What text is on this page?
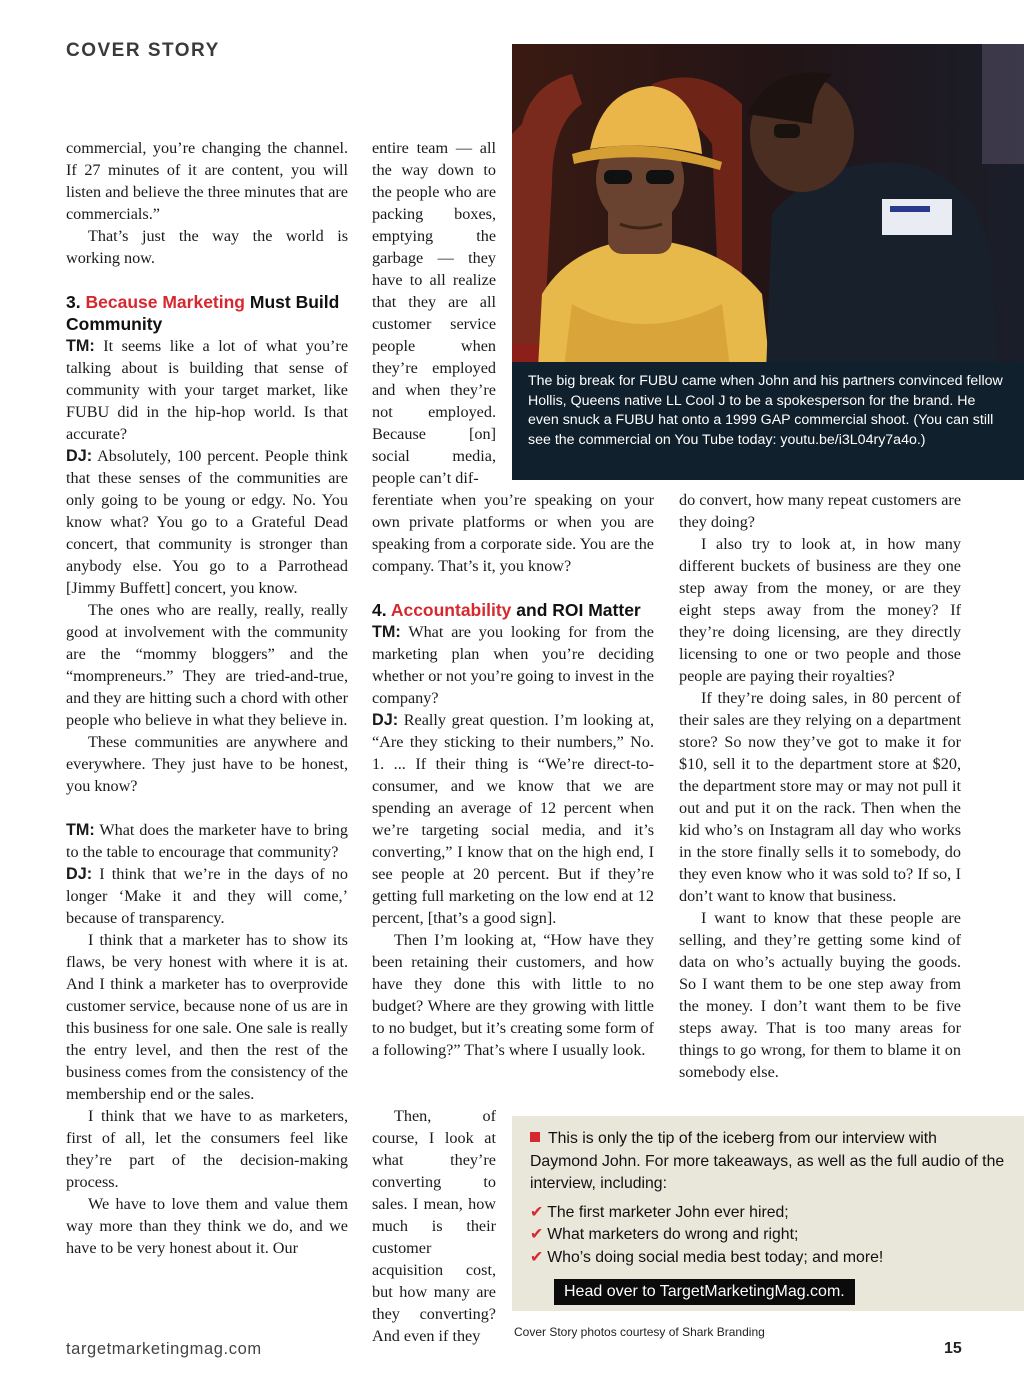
COVER STORY
The big break for FUBU came when John and his partners convinced fellow Hollis, Queens native LL Cool J to be a spokesperson for the brand. He even snuck a FUBU hat onto a 1999 GAP commercial shoot. (You can still see the commercial on You Tube today: youtu.be/i3L04ry7a4o.)

commercial, you’re changing the channel. If 27 minutes of it are content, you will listen and believe the three minutes that are commercials.”

That’s just the way the world is working now.

3. Because Marketing Must Build Community

TM: It seems like a lot of what you’re talking about is building that sense of community with your target market, like FUBU did in the hip-hop world. Is that accurate?

DJ: Absolutely, 100 percent. People think that these senses of the communities are only going to be young or edgy. No. You know what? You go to a Grateful Dead concert, that community is stronger than anybody else. You go to a Parrothead [Jimmy Buffett] concert, you know.

The ones who are really, really, really good at involvement with the community are the “mommy bloggers” and the “mompreneurs.” They are tried-and-true, and they are hitting such a chord with other people who believe in what they believe in.

These communities are anywhere and everywhere. They just have to be honest, you know?

TM: What does the marketer have to bring to the table to encourage that community?

DJ: I think that we’re in the days of no longer ‘Make it and they will come,’ because of transparency.

I think that a marketer has to show its flaws, be very honest with where it is at. And I think a marketer has to overprovide customer service, because none of us are in this business for one sale. One sale is really the entry level, and then the rest of the business comes from the consistency of the membership end or the sales.

I think that we have to as marketers, first of all, let the consumers feel like they’re part of the decision-making process.

We have to love them and value them way more than they think we do, and we have to be very honest about it. Our

entire team — all the way down to the people who are packing boxes, emptying the garbage — they have to all realize that they are all customer service people when they’re employed and when they’re not employed. Because [on] social media, people can’t dif-

ferentiate when you’re speaking on your own private platforms or when you are speaking from a corporate side. You are the company. That’s it, you know?

4. Accountability and ROI Matter

TM: What are you looking for from the marketing plan when you’re deciding whether or not you’re going to invest in the company?

DJ: Really great question. I’m looking at, “Are they sticking to their numbers,” No. 1. ... If their thing is “We’re direct-to-consumer, and we know that we are spending an average of 12 percent when we’re targeting social media, and it’s converting,” I know that on the high end, I see people at 20 percent. But if they’re getting full marketing on the low end at 12 percent, [that’s a good sign].

Then I’m looking at, “How have they been retaining their customers, and how have they done this with little to no budget? Where are they growing with little to no budget, but it’s creating some form of a following?” That’s where I usually look.

Then, of course, I look at what they’re converting to sales. I mean, how much is their customer acquisition cost, but how many are they converting? And even if they

do convert, how many repeat customers are they doing?

I also try to look at, in how many different buckets of business are they one step away from the money, or are they eight steps away from the money? If they’re doing licensing, are they directly licensing to one or two people and those people are paying their royalties?

If they’re doing sales, in 80 percent of their sales are they relying on a department store? So now they’ve got to make it for $10, sell it to the department store at $20, the department store may or may not pull it out and put it on the rack. Then when the kid who’s on Instagram all day who works in the store finally sells it to somebody, do they even know who it was sold to? If so, I don’t want to know that business.

I want to know that these people are selling, and they’re getting some kind of data on who’s actually buying the goods. So I want them to be one step away from the money. I don’t want them to be five steps away. That is too many areas for things to go wrong, for them to blame it on somebody else.

This is only the tip of the iceberg from our interview with Daymond John. For more takeaways, as well as the full audio of the interview, including:
✔ The first marketer John ever hired;
✔ What marketers do wrong and right;
✔ Who’s doing social media best today; and more!
Head over to TargetMarketingMag.com.
Cover Story photos courtesy of Shark Branding
targetmarketingmag.com	15
